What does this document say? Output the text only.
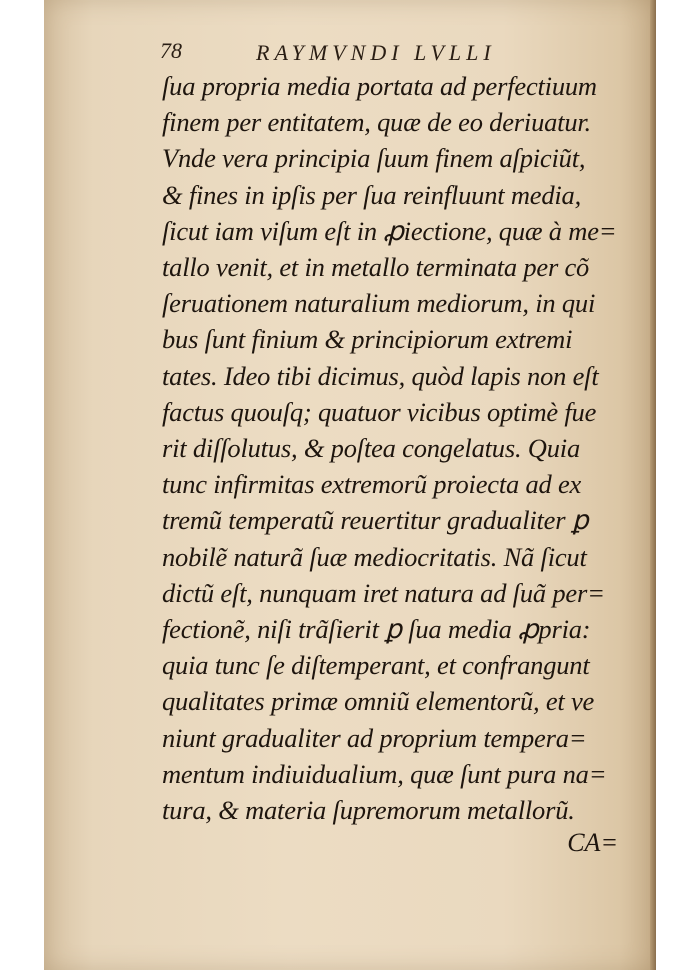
78	RAYMVNDI LVLLI
ſua propria media portata ad perfectiuum
finem per entitatem, quæ de eo deriuatur.
Vnde vera principia ſuum finem aſpiciũt,
& fines in ipſis per ſua reinfluunt media,
ſicut iam viſum eſt in ꝓiectione, quæ à me=
tallo venit, et in metallo terminata per cõ
ſeruationem naturalium mediorum, in qui
bus ſunt finium & principiorum extremi
tates. Ideo tibi dicimus, quòd lapis non eſt
factus quouſq; quatuor vicibus optimè fue
rit diſſolutus, & poſtea congelatus. Quia
tunc infirmitas extremorũ proiecta ad ex
tremũ temperatũ reuertitur gradualiter ꝑ
nobilẽ naturã ſuæ mediocritatis. Nã ſicut
dictũ eſt, nunquam iret natura ad ſuã per=
fectionẽ, niſi trãſierit ꝑ ſua media ꝓpria:
quia tunc ſe diſtemperant, et confrangunt
qualitates primæ omniũ elementorũ, et ve
niunt gradualiter ad proprium tempera=
mentum indiuidualium, quæ ſunt pura na=
tura, & materia ſupremorum metallorũ.
CA=
